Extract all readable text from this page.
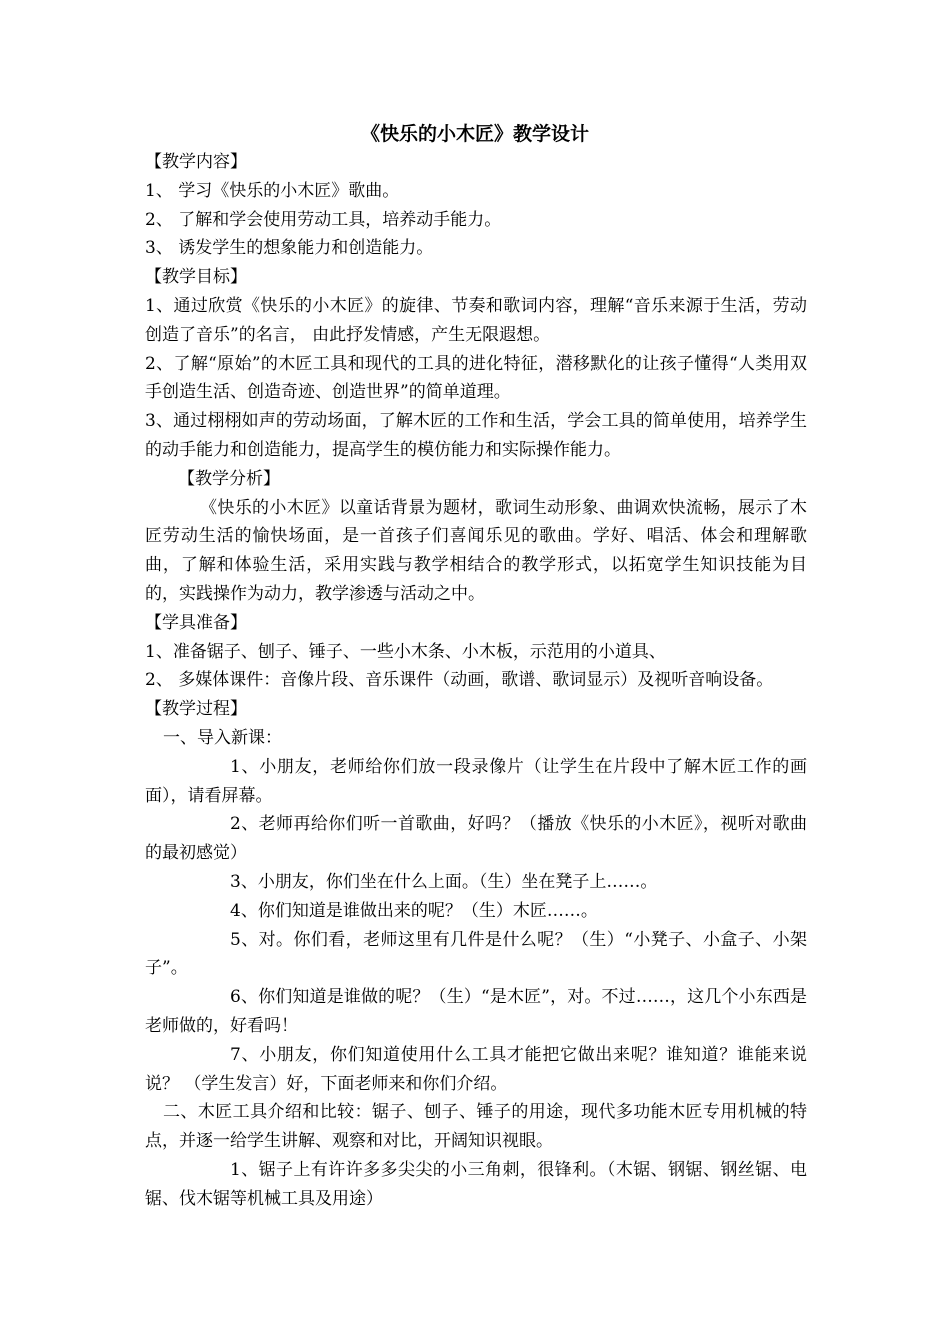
《快乐的小木匠》教学设计

【教学内容】

1、 学习《快乐的小木匠》歌曲。

2、 了解和学会使用劳动工具，培养动手能力。

3、 诱发学生的想象能力和创造能力。

【教学目标】

1、通过欣赏《快乐的小木匠》的旋律、节奏和歌词内容，理解“音乐来源于生活，劳动创造了音乐”的名言， 由此抒发情感，产生无限遐想。

2、了解“原始”的木匠工具和现代的工具的进化特征，潜移默化的让孩子懂得“人类用双手创造生活、创造奇迹、创造世界”的简单道理。

3、通过栩栩如声的劳动场面，了解木匠的工作和生活，学会工具的简单使用，培养学生的动手能力和创造能力，提高学生的模仿能力和实际操作能力。

【教学分析】

《快乐的小木匠》以童话背景为题材，歌词生动形象、曲调欢快流畅，展示了木匠劳动生活的愉快场面，是一首孩子们喜闻乐见的歌曲。学好、唱活、体会和理解歌曲，了解和体验生活，采用实践与教学相结合的教学形式，以拓宽学生知识技能为目的，实践操作为动力，教学渗透与活动之中。

【学具准备】

1、准备锯子、刨子、锤子、一些小木条、小木板，示范用的小道具、

2、 多媒体课件：音像片段、音乐课件（动画，歌谱、歌词显示）及视听音响设备。

【教学过程】

一、导入新课：

1、小朋友，老师给你们放一段录像片（让学生在片段中了解木匠工作的画面），请看屏幕。

2、老师再给你们听一首歌曲，好吗？（播放《快乐的小木匠》，视听对歌曲的最初感觉）

3、小朋友，你们坐在什么上面。（生）坐在凳子上……。

4、你们知道是谁做出来的呢？（生）木匠……。

5、对。你们看，老师这里有几件是什么呢？（生）“小凳子、小盒子、小架子”。

6、你们知道是谁做的呢？（生）“是木匠”，对。不过……，这几个小东西是老师做的，好看吗！

7、小朋友，你们知道使用什么工具才能把它做出来呢？谁知道？谁能来说说？ （学生发言）好，下面老师来和你们介绍。

二、木匠工具介绍和比较：锯子、刨子、锤子的用途，现代多功能木匠专用机械的特点，并逐一给学生讲解、观察和对比，开阔知识视眼。

1、锯子上有许许多多尖尖的小三角刺，很锋利。（木锯、钢锯、钢丝锯、电锯、伐木锯等机械工具及用途）
